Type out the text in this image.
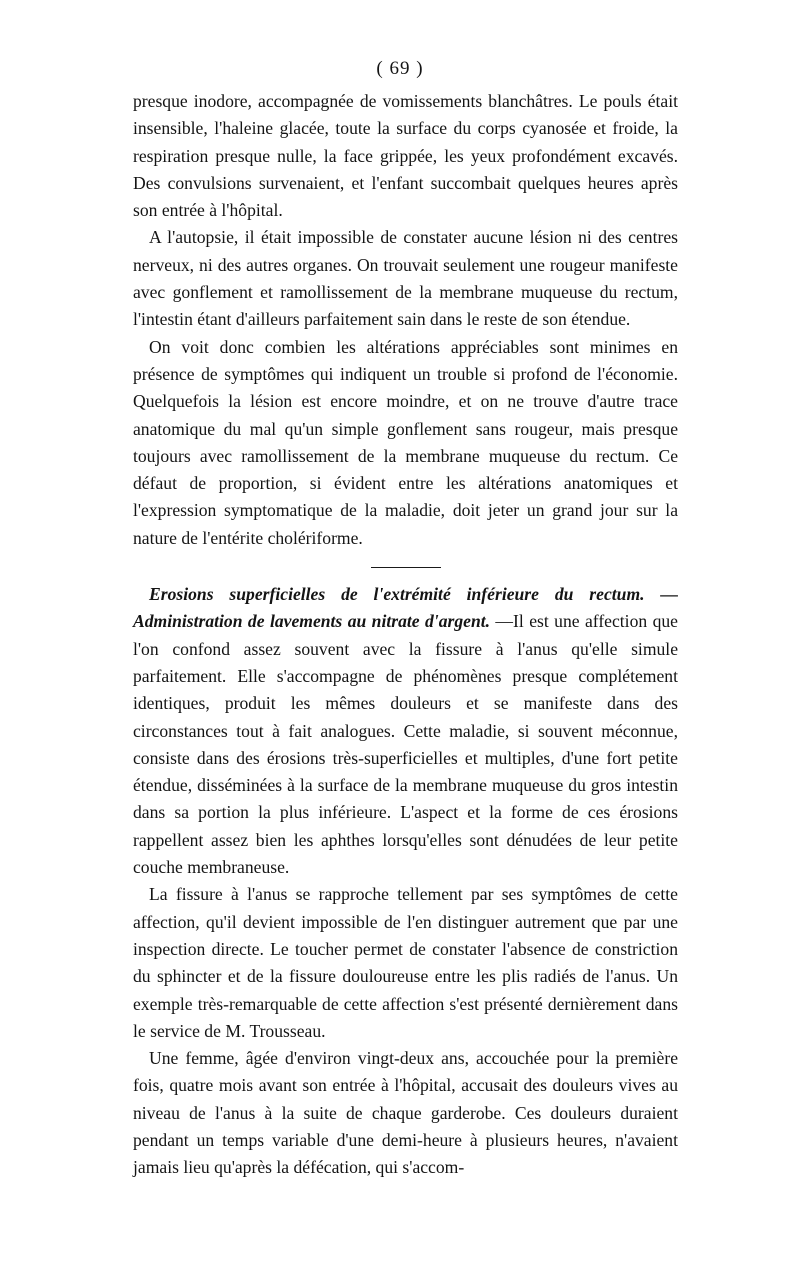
( 69 )

presque inodore, accompagnée de vomissements blanchâtres. Le pouls était insensible, l'haleine glacée, toute la surface du corps cyanosée et froide, la respiration presque nulle, la face grippée, les yeux profondément excavés. Des convulsions survenaient, et l'enfant succombait quelques heures après son entrée à l'hôpital.

A l'autopsie, il était impossible de constater aucune lésion ni des centres nerveux, ni des autres organes. On trouvait seulement une rougeur manifeste avec gonflement et ramollissement de la membrane muqueuse du rectum, l'intestin étant d'ailleurs parfaitement sain dans le reste de son étendue.

On voit donc combien les altérations appréciables sont minimes en présence de symptômes qui indiquent un trouble si profond de l'économie. Quelquefois la lésion est encore moindre, et on ne trouve d'autre trace anatomique du mal qu'un simple gonflement sans rougeur, mais presque toujours avec ramollissement de la membrane muqueuse du rectum. Ce défaut de proportion, si évident entre les altérations anatomiques et l'expression symptomatique de la maladie, doit jeter un grand jour sur la nature de l'entérite cholériforme.

Erosions superficielles de l'extrémité inférieure du rectum. — Administration de lavements au nitrate d'argent. —Il est une affection que l'on confond assez souvent avec la fissure à l'anus qu'elle simule parfaitement. Elle s'accompagne de phénomènes presque complétement identiques, produit les mêmes douleurs et se manifeste dans des circonstances tout à fait analogues. Cette maladie, si souvent méconnue, consiste dans des érosions très-superficielles et multiples, d'une fort petite étendue, disséminées à la surface de la membrane muqueuse du gros intestin dans sa portion la plus inférieure. L'aspect et la forme de ces érosions rappellent assez bien les aphthes lorsqu'elles sont dénudées de leur petite couche membraneuse.

La fissure à l'anus se rapproche tellement par ses symptômes de cette affection, qu'il devient impossible de l'en distinguer autrement que par une inspection directe. Le toucher permet de constater l'absence de constriction du sphincter et de la fissure douloureuse entre les plis radiés de l'anus. Un exemple très-remarquable de cette affection s'est présenté dernièrement dans le service de M. Trousseau.

Une femme, âgée d'environ vingt-deux ans, accouchée pour la première fois, quatre mois avant son entrée à l'hôpital, accusait des douleurs vives au niveau de l'anus à la suite de chaque garderobe. Ces douleurs duraient pendant un temps variable d'une demi-heure à plusieurs heures, n'avaient jamais lieu qu'après la défécation, qui s'accom-
